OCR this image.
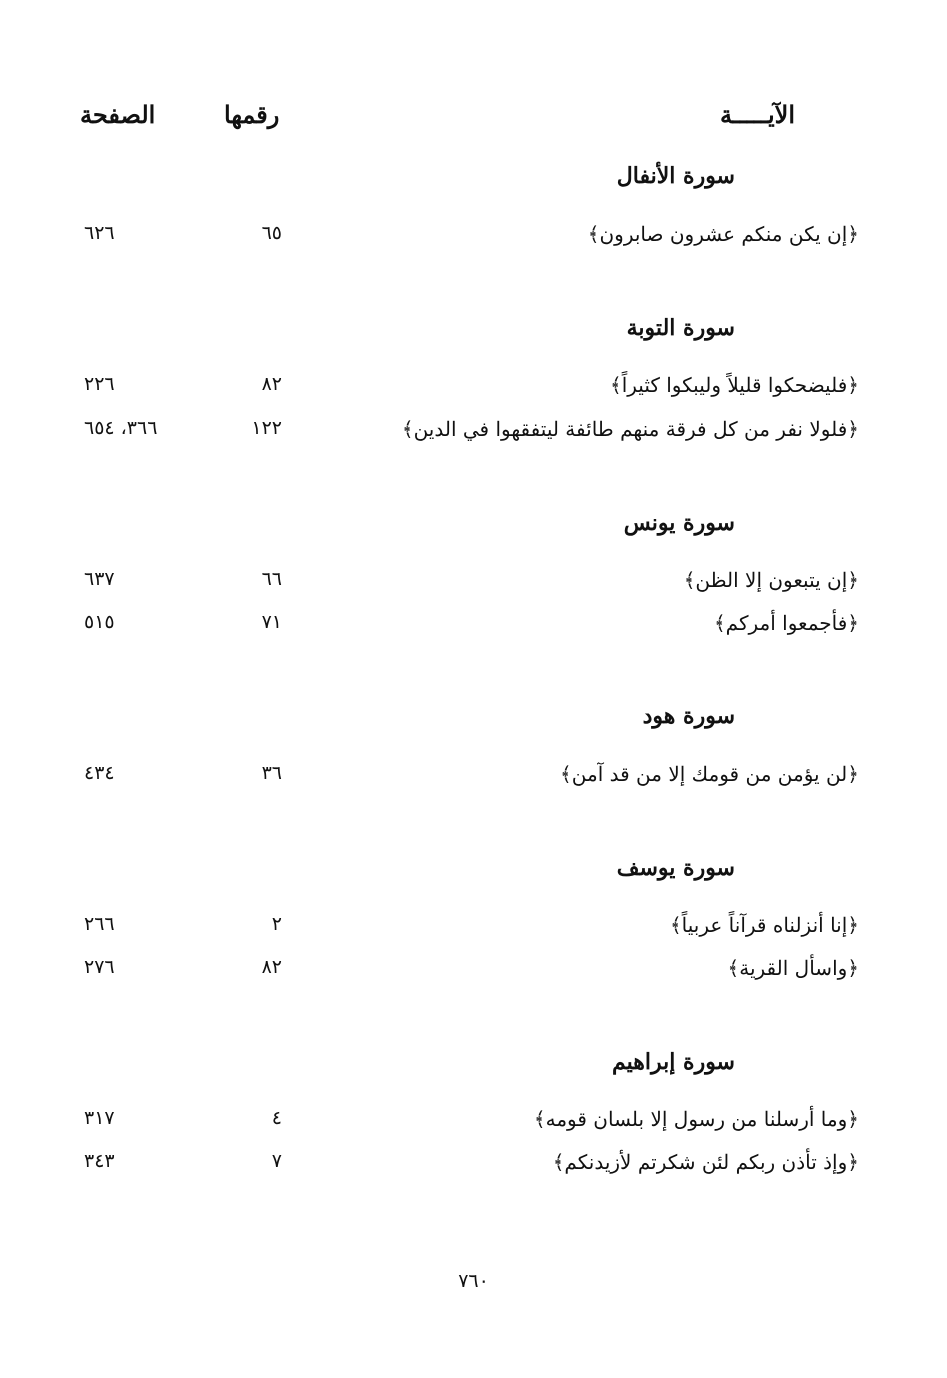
الآيـــــة
رقمها
الصفحة
سورة الأنفال
﴿إن يكن منكم عشرون صابرون﴾
٦٥
٦٢٦
سورة التوبة
﴿فليضحكوا قليلاً وليبكوا كثيراً﴾
٨٢
٢٢٦
﴿فلولا نفر من كل فرقة منهم طائفة ليتفقهوا في الدين﴾
١٢٢
٣٦٦، ٦٥٤
سورة يونس
﴿إن يتبعون إلا الظن﴾
٦٦
٦٣٧
﴿فأجمعوا أمركم﴾
٧١
٥١٥
سورة هود
﴿لن يؤمن من قومك إلا من قد آمن﴾
٣٦
٤٣٤
سورة يوسف
﴿إنا أنزلناه قرآناً عربياً﴾
٢
٢٦٦
﴿واسأل القرية﴾
٨٢
٢٧٦
سورة إبراهيم
﴿وما أرسلنا من رسول إلا بلسان قومه﴾
٤
٣١٧
﴿وإذ تأذن ربكم لئن شكرتم لأزيدنكم﴾
٧
٣٤٣
٧٦٠
